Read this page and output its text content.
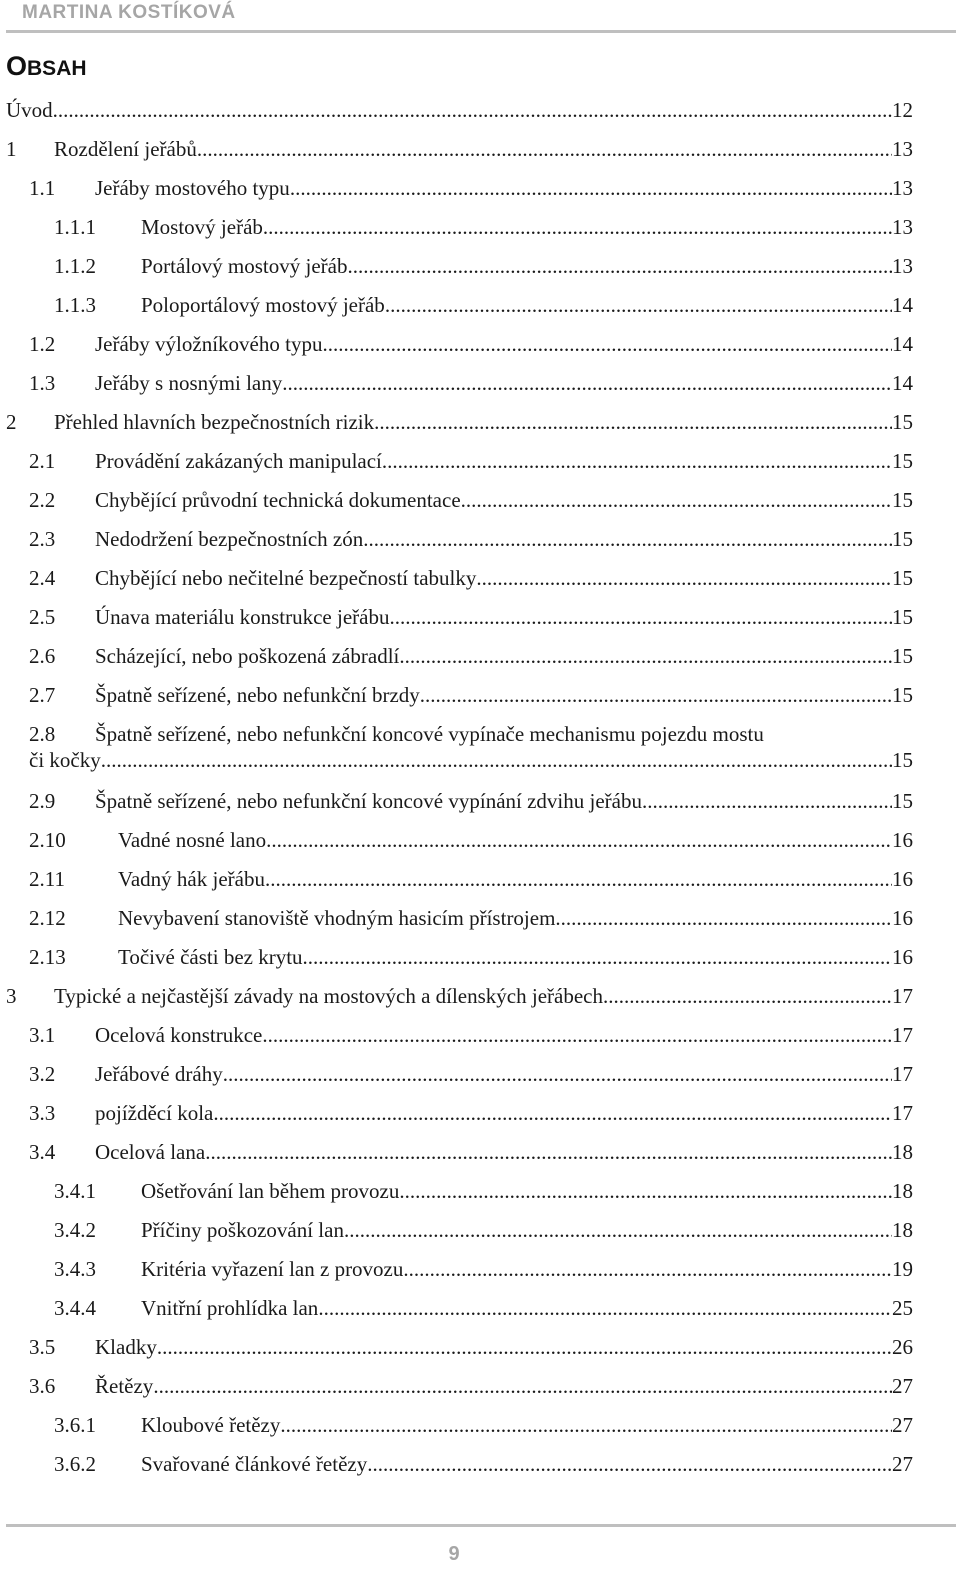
MARTINA KOSTÍKOVÁ
OBSAH
Úvod .....	12
1	Rozdělení jeřábů .....	13
1.1	Jeřáby mostového typu .....	13
1.1.1	Mostový jeřáb .....	13
1.1.2	Portálový mostový jeřáb .....	13
1.1.3	Poloportálový mostový jeřáb .....	14
1.2	Jeřáby výložníkového typu .....	14
1.3	Jeřáby s nosnými lany .....	14
2	Přehled hlavních bezpečnostních rizik .....	15
2.1	Provádění zakázaných manipulací .....	15
2.2	Chybějící průvodní technická dokumentace .....	15
2.3	Nedodržení bezpečnostních zón .....	15
2.4	Chybějící nebo nečitelné bezpečností tabulky .....	15
2.5	Únava materiálu konstrukce jeřábu .....	15
2.6	Scházející, nebo poškozená zábradlí .....	15
2.7	Špatně seřízené, nebo nefunkční brzdy .....	15
2.8 Špatně seřízené, nebo nefunkční koncové vypínače mechanismu pojezdu mostu
či kočky .....	15
2.9	Špatně seřízené, nebo nefunkční koncové vypínání zdvihu jeřábu .....	15
2.10	Vadné nosné lano .....	16
2.11	Vadný hák jeřábu .....	16
2.12	Nevybavení stanoviště vhodným hasicím přístrojem .....	16
2.13	Točivé části bez krytu .....	16
3	Typické a nejčastější závady na mostových a dílenských jeřábech .....	17
3.1	Ocelová konstrukce .....	17
3.2	Jeřábové dráhy .....	17
3.3	pojížděcí kola .....	17
3.4	Ocelová lana .....	18
3.4.1	Ošetřování lan během provozu .....	18
3.4.2	Příčiny poškozování lan .....	18
3.4.3	Kritéria vyřazení lan z provozu .....	19
3.4.4	Vnitřní prohlídka lan .....	25
3.5	Kladky .....	26
3.6	Řetězy .....	27
3.6.1	Kloubové řetězy .....	27
3.6.2	Svařované článkové řetězy .....	27
9
